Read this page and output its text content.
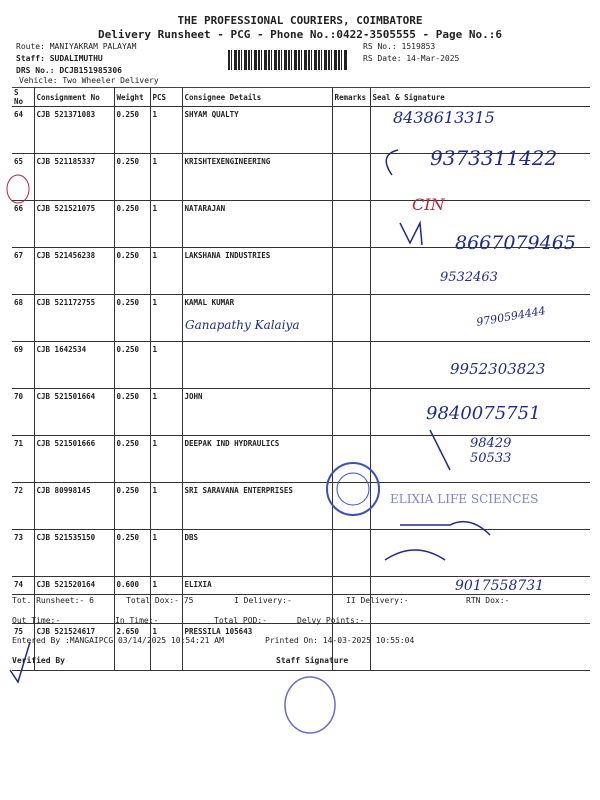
THE PROFESSIONAL COURIERS, COIMBATORE
Delivery Runsheet - PCG - Phone No.:0422-3505555 - Page No.:6
Route: MANIYAKRAM PALAYAM
Staff: SUDALIMUTHU
DRS No.: DCJB151985306
Vehicle: Two Wheeler Delivery
RS No.: 1519853
RS Date: 14-Mar-2025
S No	Consignment No	Weight	PCS	Consignee Details	Remarks	Seal & Signature
64	CJB 521371083	0.250	1	SHYAM QUALTY		
65	CJB 521185337	0.250	1	KRISHTEXENGINEERING		
66	CJB 521521075	0.250	1	NATARAJAN		
67	CJB 521456238	0.250	1	LAKSHANA INDUSTRIES		
68	CJB 521172755	0.250	1	KAMAL KUMAR		
69	CJB 1642534	0.250	1			
70	CJB 521501664	0.250	1	JOHN		
71	CJB 521501666	0.250	1	DEEPAK IND HYDRAULICS		
72	CJB 80998145	0.250	1	SRI SARAVANA ENTERPRISES		
73	CJB 521535150	0.250	1	DBS		
74	CJB 521520164	0.600	1	ELIXIA		
75	CJB 521524617	2.650	1	PRESSILA 105643		
8438613315
9373311422
CIN
8667079465
9532463
Ganapathy Kalaiya	9790594444
9952303823
9840075751
98429 50533
ELIXIA LIFE SCIENCES
9017558731
Tot. Runsheet:- 6	Total Dox:- 75	I Delivery:-	II Delivery:-	RTN Dox:-
Out Time:-	In Time:-	Total POD:-	Delvy Points:-
Entered By :MANGAIPCG 03/14/2025 10:54:21 AM	Printed On: 14-03-2025 10:55:04
Verified By	Staff Signature
